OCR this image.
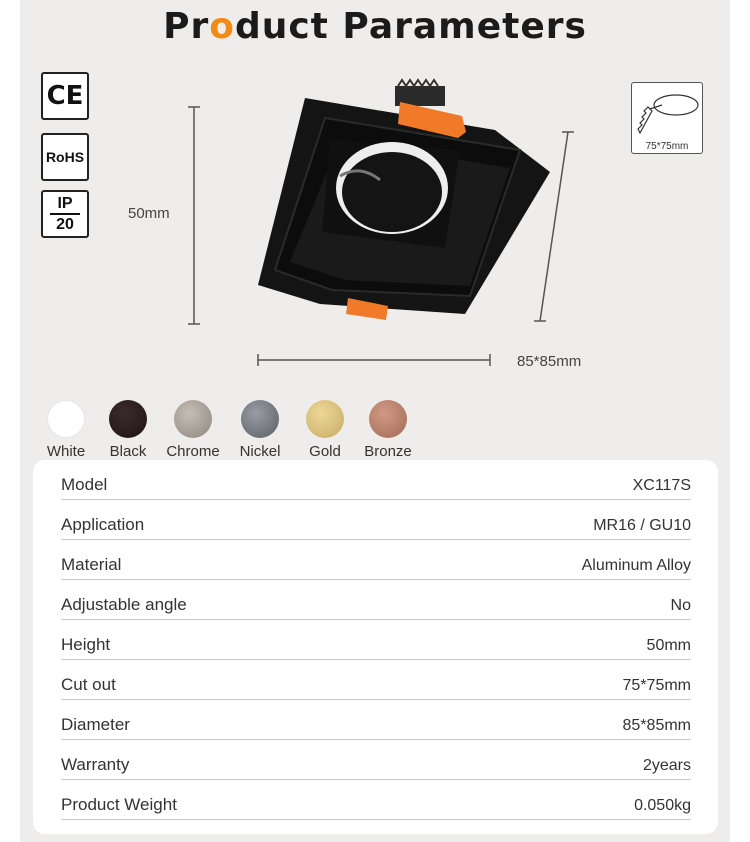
Product Parameters
CE
RoHS
IP
20
75*75mm
50mm
85*85mm
White	Black	Chrome	Nickel	Gold	Bronze
Model	XC117S
Application	MR16 / GU10
Material	Aluminum Alloy
Adjustable angle	No
Height	50mm
Cut out	75*75mm
Diameter	85*85mm
Warranty	2years
Product Weight	0.050kg
